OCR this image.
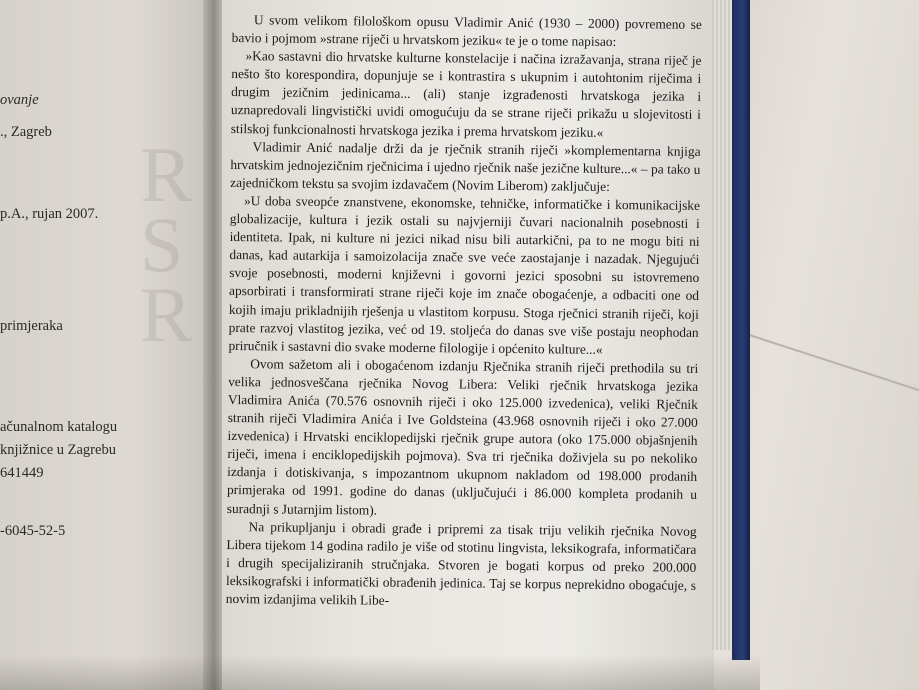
R
S
R
ovanje
., Zagreb
p.A., rujan 2007.
primjeraka
ačunalnom katalogu
knjižnice u Zagrebu
641449
-6045-52-5

U svom velikom filološkom opusu Vladimir Anić (1930 – 2000) povremeno se bavio i pojmom »strane riječi u hrvatskom jeziku« te je o tome napisao:

»Kao sastavni dio hrvatske kulturne konstelacije i načina izražavanja, strana riječ je nešto što korespondira, dopunjuje se i kontrastira s ukupnim i autohtonim riječima i drugim jezičnim jedinicama... (ali) stanje izgrađenosti hrvatskoga jezika i uznapredovali lingvistički uvidi omogućuju da se strane riječi prikažu u slojevitosti i stilskoj funkcionalnosti hrvatskoga jezika i prema hrvatskom jeziku.«

Vladimir Anić nadalje drži da je rječnik stranih riječi »komplementarna knjiga hrvatskim jednojezičnim rječnicima i ujedno rječnik naše jezične kulture...« – pa tako u zajedničkom tekstu sa svojim izdavačem (Novim Liberom) zaključuje:

»U doba sveopće znanstvene, ekonomske, tehničke, informatičke i komunikacijske globalizacije, kultura i jezik ostali su najvjerniji čuvari nacionalnih posebnosti i identiteta. Ipak, ni kulture ni jezici nikad nisu bili autarkični, pa to ne mogu biti ni danas, kad autarkija i samoizolacija znače sve veće zaostajanje i nazadak. Njegujući svoje posebnosti, moderni književni i govorni jezici sposobni su istovremeno apsorbirati i transformirati strane riječi koje im znače obogaćenje, a odbaciti one od kojih imaju prikladnijih rješenja u vlastitom korpusu. Stoga rječnici stranih riječi, koji prate razvoj vlastitog jezika, već od 19. stoljeća do danas sve više postaju neophodan priručnik i sastavni dio svake moderne filologije i općenito kulture...«

Ovom sažetom ali i obogaćenom izdanju Rječnika stranih riječi prethodila su tri velika jednosveščana rječnika Novog Libera: Veliki rječnik hrvatskoga jezika Vladimira Anića (70.576 osnovnih riječi i oko 125.000 izvedenica), veliki Rječnik stranih riječi Vladimira Anića i Ive Goldsteina (43.968 osnovnih riječi i oko 27.000 izvedenica) i Hrvatski enciklopedijski rječnik grupe autora (oko 175.000 objašnjenih riječi, imena i enciklopedijskih pojmova). Sva tri rječnika doživjela su po nekoliko izdanja i dotiskivanja, s impozantnom ukupnom nakladom od 198.000 prodanih primjeraka od 1991. godine do danas (uključujući i 86.000 kompleta prodanih u suradnji s Jutarnjim listom).

Na prikupljanju i obradi građe i pripremi za tisak triju velikih rječnika Novog Libera tijekom 14 godina radilo je više od stotinu lingvista, leksikografa, informatičara i drugih specijaliziranih stručnjaka. Stvoren je bogati korpus od preko 200.000 leksikografski i informatički obrađenih jedinica. Taj se korpus neprekidno obogaćuje, s novim izdanjima velikih Libe-
